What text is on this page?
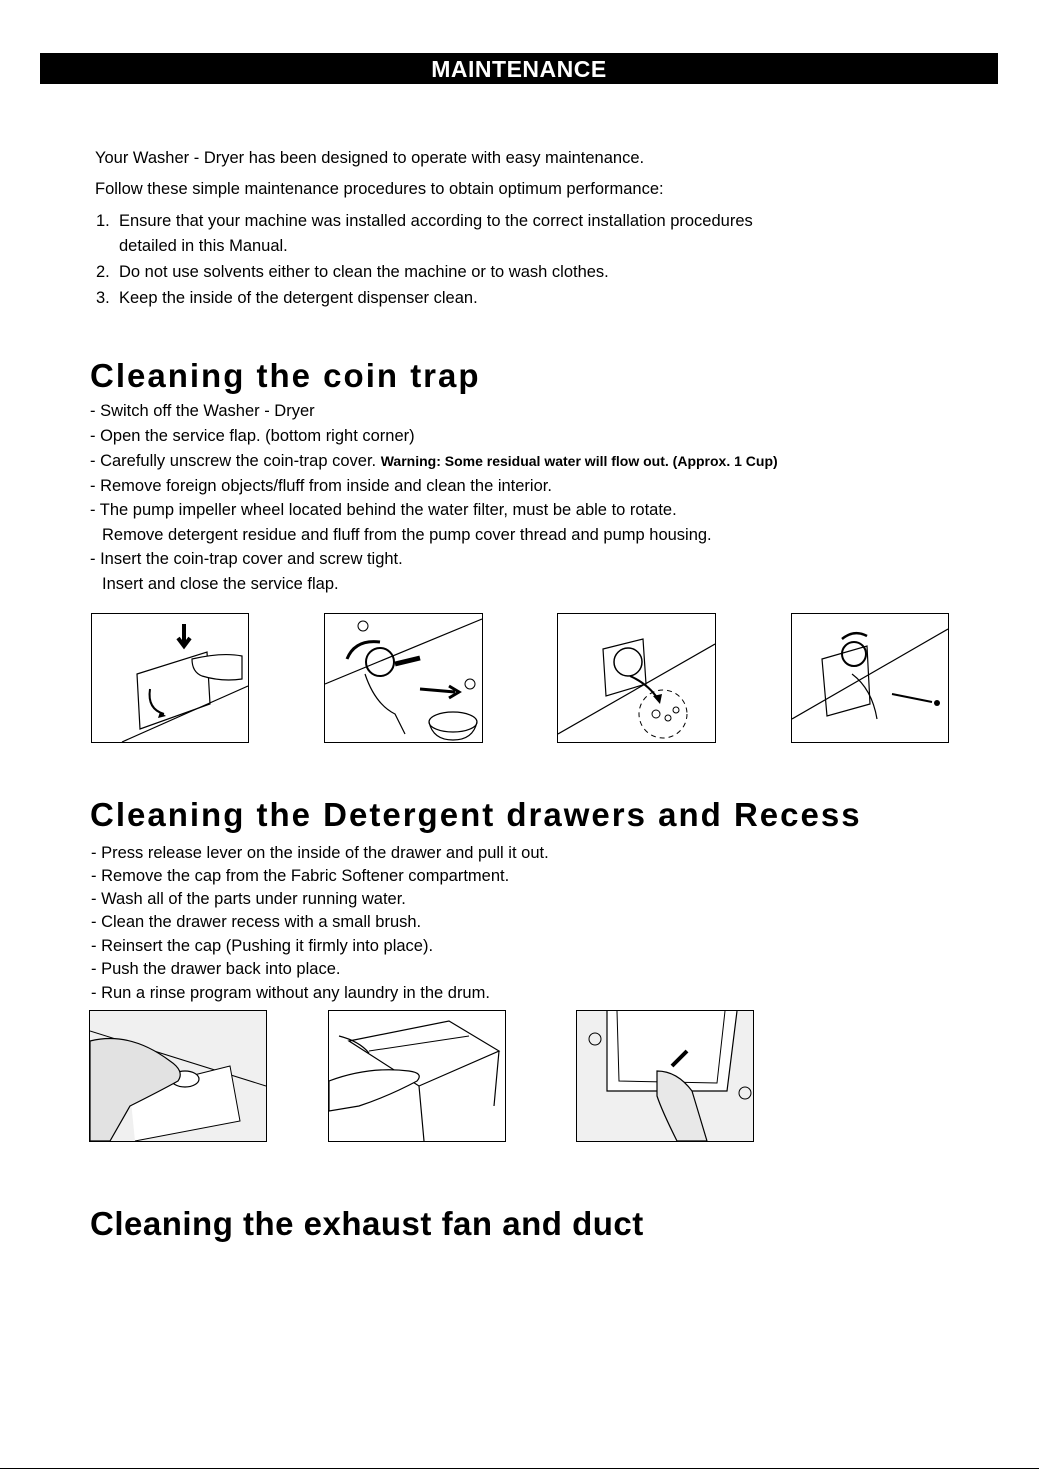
MAINTENANCE
Your Washer - Dryer has been designed to operate with easy maintenance.
Follow these simple maintenance procedures to obtain optimum performance:
1. Ensure that your machine was installed according to the correct installation procedures
detailed in this Manual.
2. Do not use solvents either to clean the machine or to wash clothes.
3. Keep the inside of the detergent dispenser clean.
Cleaning the coin trap
- Switch off the Washer - Dryer
- Open the service flap. (bottom right corner)
- Carefully unscrew the coin-trap cover. Warning: Some residual water will flow out. (Approx. 1 Cup)
- Remove foreign objects/fluff from inside and clean the interior.
- The pump impeller wheel located behind the water filter, must be able to rotate.
Remove detergent residue and fluff from the pump cover thread and pump housing.
- Insert the coin-trap cover and screw tight.
Insert and close the service flap.
Cleaning the Detergent drawers and Recess
- Press release lever on the inside of the drawer and pull it out.
- Remove the cap from the Fabric Softener compartment.
- Wash all of the parts under running water.
- Clean the drawer recess with a small brush.
- Reinsert the cap (Pushing it firmly into place).
- Push the drawer back into place.
- Run a rinse program without any laundry in the drum.
Cleaning the exhaust fan and duct
